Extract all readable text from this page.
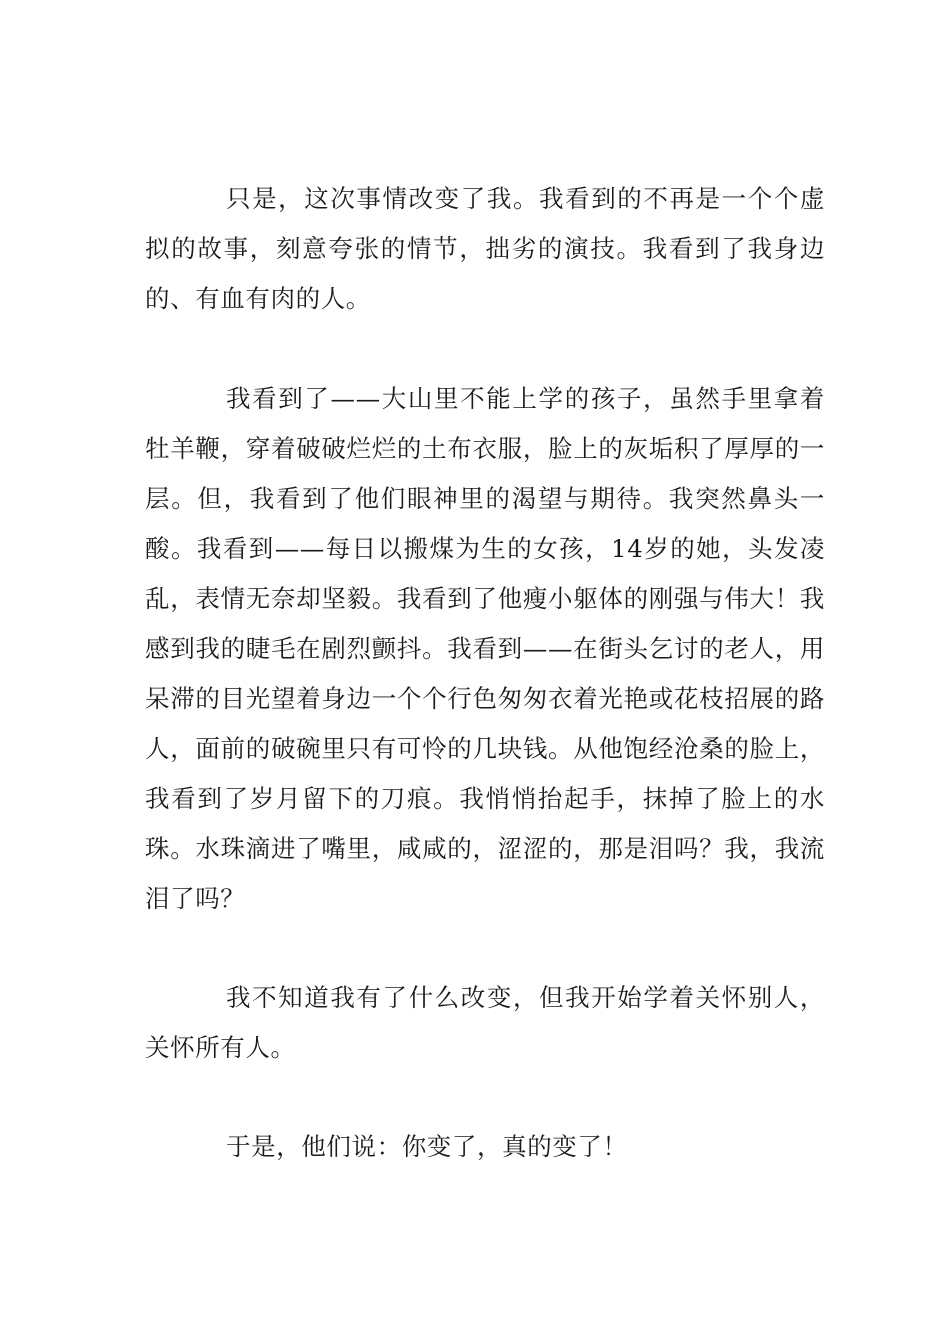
只是，这次事情改变了我。我看到的不再是一个个虚拟的故事，刻意夸张的情节，拙劣的演技。我看到了我身边的、有血有肉的人。

我看到了——大山里不能上学的孩子，虽然手里拿着牡羊鞭，穿着破破烂烂的土布衣服，脸上的灰垢积了厚厚的一层。但，我看到了他们眼神里的渴望与期待。我突然鼻头一酸。我看到——每日以搬煤为生的女孩，14岁的她，头发凌乱，表情无奈却坚毅。我看到了他瘦小躯体的刚强与伟大！我感到我的睫毛在剧烈颤抖。我看到——在街头乞讨的老人，用呆滞的目光望着身边一个个行色匆匆衣着光艳或花枝招展的路人，面前的破碗里只有可怜的几块钱。从他饱经沧桑的脸上，我看到了岁月留下的刀痕。我悄悄抬起手，抹掉了脸上的水珠。水珠滴进了嘴里，咸咸的，涩涩的，那是泪吗？我，我流泪了吗？

我不知道我有了什么改变，但我开始学着关怀别人，关怀所有人。

于是，他们说：你变了，真的变了！
